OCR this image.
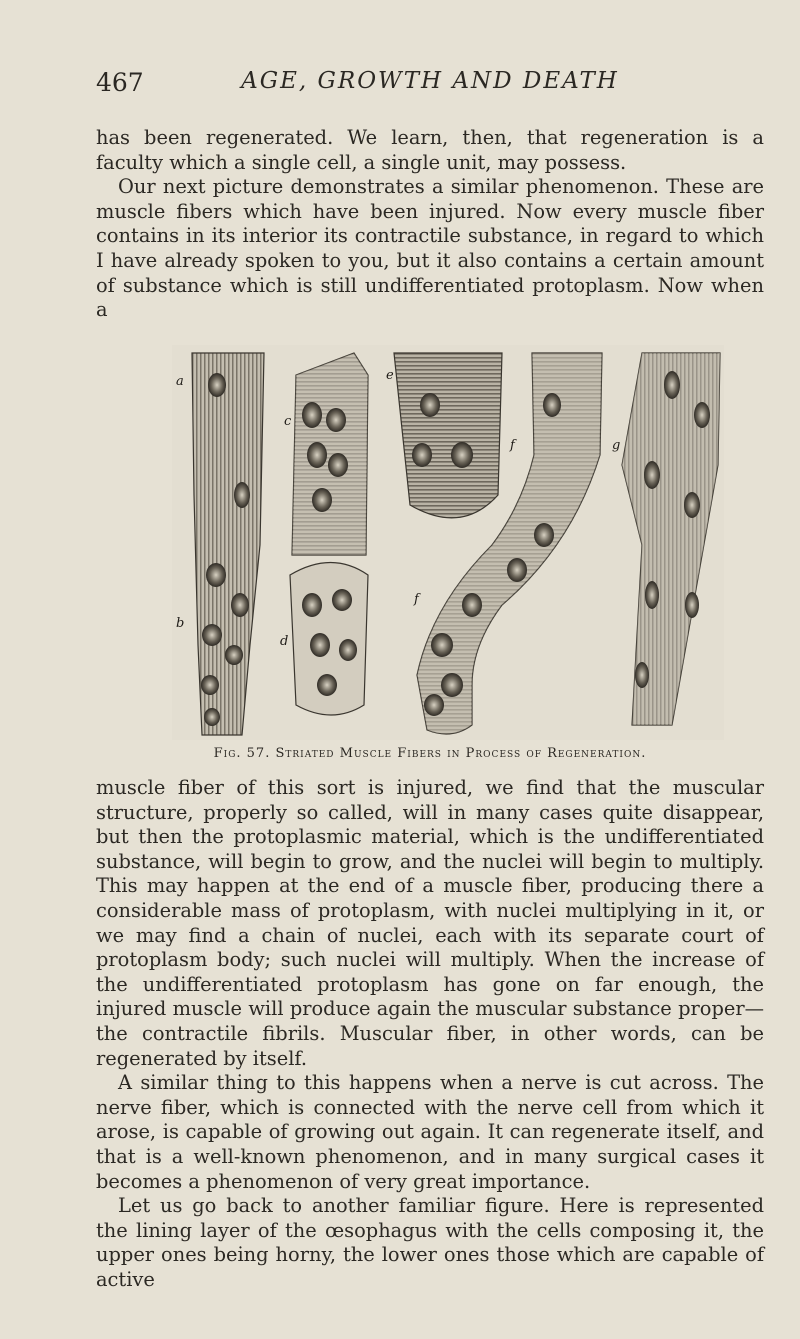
467	AGE, GROWTH AND DEATH

has been regenerated. We learn, then, that regeneration is a faculty which a single cell, a single unit, may possess.

Our next picture demonstrates a similar phenomenon. These are muscle fibers which have been injured. Now every muscle fiber contains in its interior its contractile substance, in regard to which I have already spoken to you, but it also contains a certain amount of substance which is still undifferentiated protoplasm. Now when a

a
b
c
d
e
f
f
g
Fig. 57. Striated Muscle Fibers in Process of Regeneration.

muscle fiber of this sort is injured, we find that the muscular structure, properly so called, will in many cases quite disappear, but then the protoplasmic material, which is the undifferentiated substance, will begin to grow, and the nuclei will begin to multiply. This may happen at the end of a muscle fiber, producing there a considerable mass of protoplasm, with nuclei multiplying in it, or we may find a chain of nuclei, each with its separate court of protoplasm body; such nuclei will multiply. When the increase of the undifferentiated protoplasm has gone on far enough, the injured muscle will produce again the muscular substance proper—the contractile fibrils. Muscular fiber, in other words, can be regenerated by itself.

A similar thing to this happens when a nerve is cut across. The nerve fiber, which is connected with the nerve cell from which it arose, is capable of growing out again. It can regenerate itself, and that is a well-known phenomenon, and in many surgical cases it becomes a phenomenon of very great importance.

Let us go back to another familiar figure. Here is represented the lining layer of the œsophagus with the cells composing it, the upper ones being horny, the lower ones those which are capable of active
